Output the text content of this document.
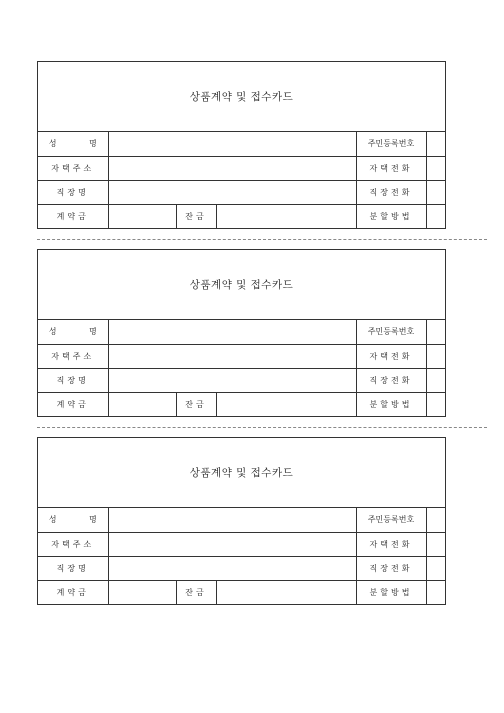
상품계약 및 접수카드
성 명				주민등록번호	
자택주소				자택전화	
직장명				직장전화	
계약금		잔금		분할방법	
상품계약 및 접수카드
성 명				주민등록번호	
자택주소				자택전화	
직장명				직장전화	
계약금		잔금		분할방법	
상품계약 및 접수카드
성 명				주민등록번호	
자택주소				자택전화	
직장명				직장전화	
계약금		잔금		분할방법	
